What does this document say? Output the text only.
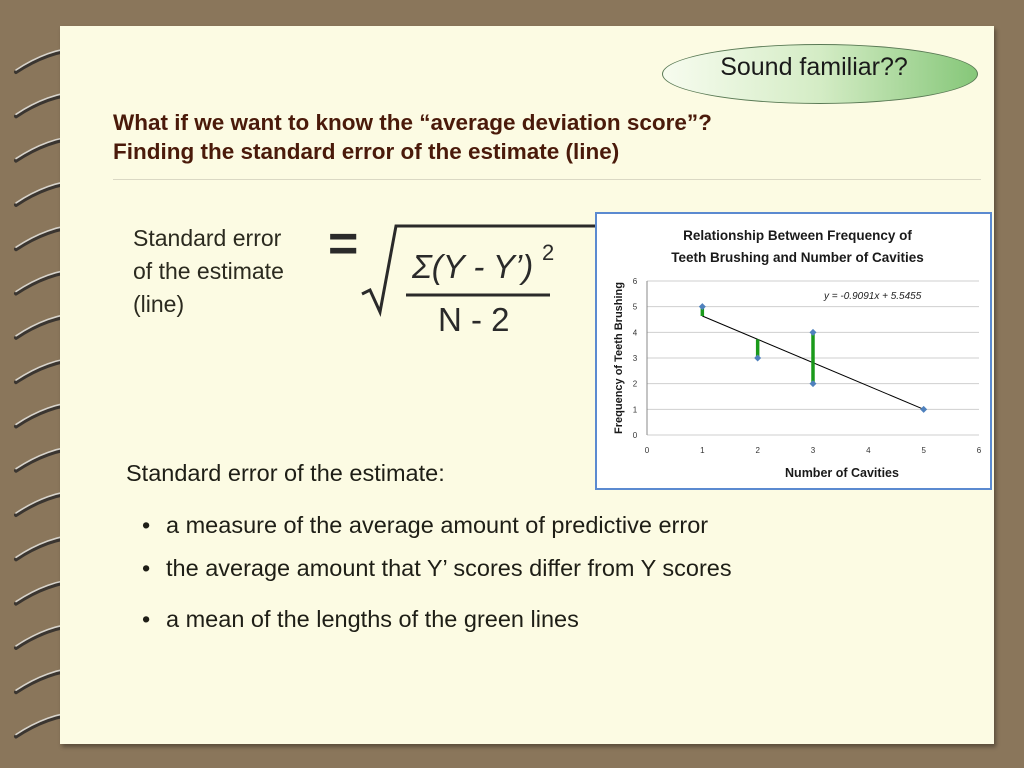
Sound familiar??
What if we want to know the “average deviation score”?
Finding the standard error of the estimate (line)
Standard error
of the estimate
(line)
= Σ(Y - Y’) 2
N - 2
Relationship Between Frequency of
Teeth Brushing and Number of Cavities
0
1
2
3
4
5
6
0	1	2	3	4	5	6
Number of Cavities
Frequency of Teeth Brushing	y = -0.9091x + 5.5455
Standard error of the estimate:
• a measure of the average amount of predictive error
• the average amount that Y’ scores differ from Y scores
• a mean of the lengths of the green lines
